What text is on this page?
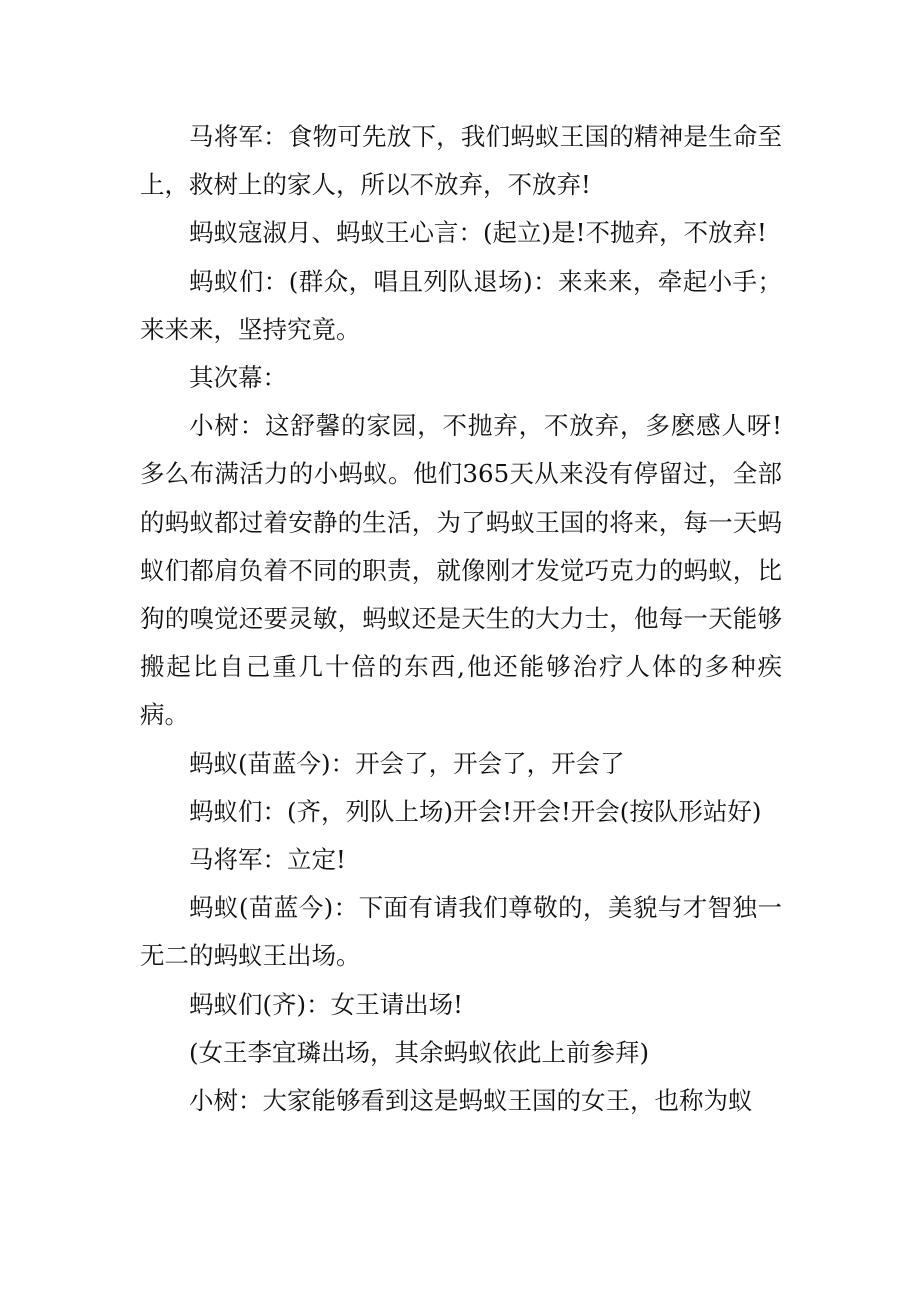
马将军：食物可先放下，我们蚂蚁王国的精神是生命至上，救树上的家人，所以不放弃，不放弃!

蚂蚁寇淑月、蚂蚁王心言：(起立)是!不抛弃，不放弃!

蚂蚁们：(群众，唱且列队退场)：来来来，牵起小手；来来来，坚持究竟。

其次幕：

小树：这舒馨的家园，不抛弃，不放弃，多麽感人呀!多么布满活力的小蚂蚁。他们365天从来没有停留过，全部的蚂蚁都过着安静的生活，为了蚂蚁王国的将来，每一天蚂蚁们都肩负着不同的职责，就像刚才发觉巧克力的蚂蚁，比狗的嗅觉还要灵敏，蚂蚁还是天生的大力士，他每一天能够搬起比自己重几十倍的东西,他还能够治疗人体的多种疾病。

蚂蚁(苗蓝今)：开会了，开会了，开会了

蚂蚁们：(齐，列队上场)开会!开会!开会(按队形站好)

马将军：立定!

蚂蚁(苗蓝今)：下面有请我们尊敬的，美貌与才智独一无二的蚂蚁王出场。

蚂蚁们(齐)：女王请出场!

(女王李宜璘出场，其余蚂蚁依此上前参拜)

小树：大家能够看到这是蚂蚁王国的女王，也称为蚁
